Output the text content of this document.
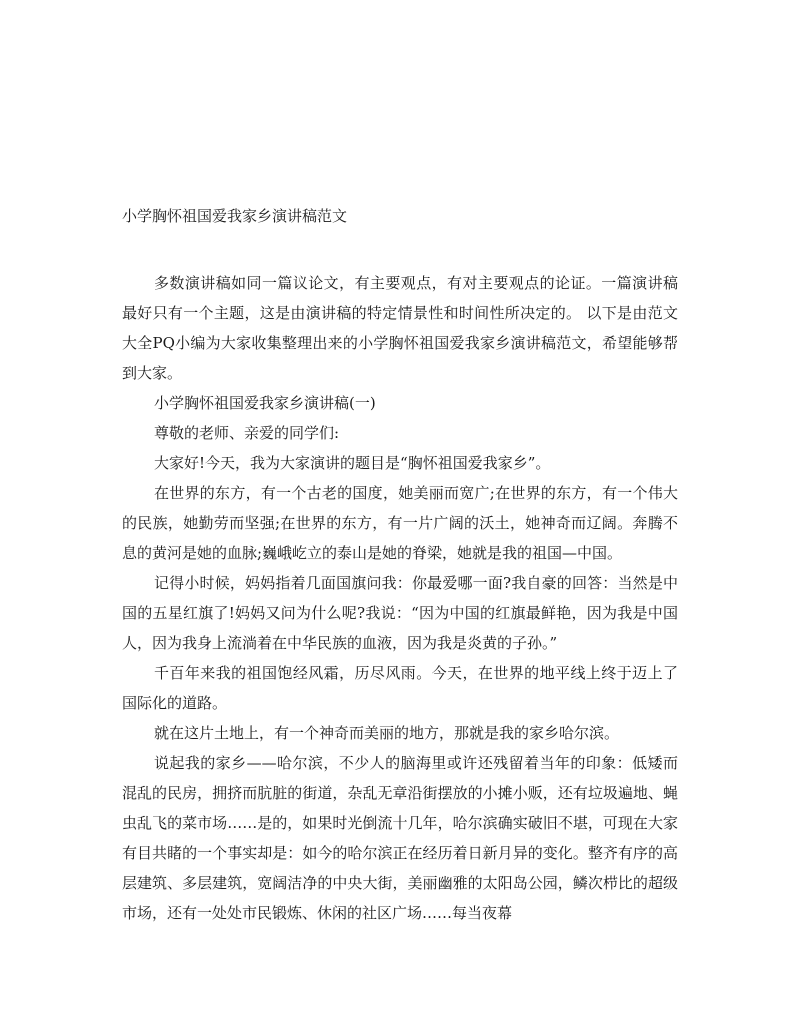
小学胸怀祖国爱我家乡演讲稿范文

多数演讲稿如同一篇议论文，有主要观点，有对主要观点的论证。一篇演讲稿最好只有一个主题，这是由演讲稿的特定情景性和时间性所决定的。 以下是由范文大全PQ小编为大家收集整理出来的小学胸怀祖国爱我家乡演讲稿范文，希望能够帮到大家。

小学胸怀祖国爱我家乡演讲稿(一)

尊敬的老师、亲爱的同学们:

大家好!今天，我为大家演讲的题目是“胸怀祖国爱我家乡”。

在世界的东方，有一个古老的国度，她美丽而宽广;在世界的东方，有一个伟大的民族，她勤劳而坚强;在世界的东方，有一片广阔的沃土，她神奇而辽阔。奔腾不息的黄河是她的血脉;巍峨屹立的泰山是她的脊梁，她就是我的祖国—中国。

记得小时候，妈妈指着几面国旗问我：你最爱哪一面?我自豪的回答：当然是中国的五星红旗了!妈妈又问为什么呢?我说：“因为中国的红旗最鲜艳，因为我是中国人，因为我身上流淌着在中华民族的血液，因为我是炎黄的子孙。”

千百年来我的祖国饱经风霜，历尽风雨。今天，在世界的地平线上终于迈上了国际化的道路。

就在这片土地上，有一个神奇而美丽的地方，那就是我的家乡哈尔滨。

说起我的家乡——哈尔滨，不少人的脑海里或许还残留着当年的印象：低矮而混乱的民房，拥挤而肮脏的街道，杂乱无章沿街摆放的小摊小贩，还有垃圾遍地、蝇虫乱飞的菜市场……是的，如果时光倒流十几年，哈尔滨确实破旧不堪，可现在大家有目共睹的一个事实却是：如今的哈尔滨正在经历着日新月异的变化。整齐有序的高层建筑、多层建筑，宽阔洁净的中央大街，美丽幽雅的太阳岛公园，鳞次栉比的超级市场，还有一处处市民锻炼、休闲的社区广场……每当夜幕
